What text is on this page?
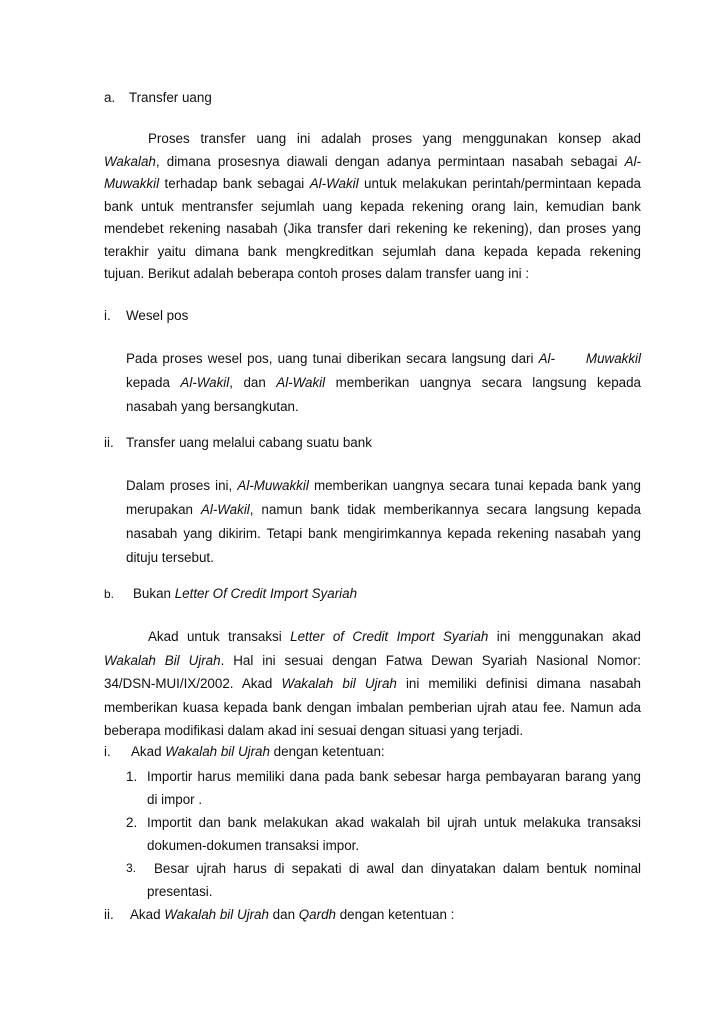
a. Transfer uang
Proses transfer uang ini adalah proses yang menggunakan konsep akad
Wakalah, dimana prosesnya diawali dengan adanya permintaan nasabah sebagai Al-
Muwakkil terhadap bank sebagai Al-Wakil untuk melakukan perintah/permintaan kepada
bank untuk mentransfer sejumlah uang kepada rekening orang lain, kemudian bank
mendebet rekening nasabah (Jika transfer dari rekening ke rekening), dan proses yang
terakhir yaitu dimana bank mengkreditkan sejumlah dana kepada kepada rekening
tujuan. Berikut adalah beberapa contoh proses dalam transfer uang ini :
i. Wesel pos
Pada proses wesel pos, uang tunai diberikan secara langsung dari Al- Muwakkil
kepada Al-Wakil, dan Al-Wakil memberikan uangnya secara langsung kepada
nasabah yang bersangkutan.
ii. Transfer uang melalui cabang suatu bank
Dalam proses ini, Al-Muwakkil memberikan uangnya secara tunai kepada bank yang
merupakan Al-Wakil, namun bank tidak memberikannya secara langsung kepada
nasabah yang dikirim. Tetapi bank mengirimkannya kepada rekening nasabah yang
dituju tersebut.
b. Bukan Letter Of Credit Import Syariah
Akad untuk transaksi Letter of Credit Import Syariah ini menggunakan akad
Wakalah Bil Ujrah. Hal ini sesuai dengan Fatwa Dewan Syariah Nasional Nomor:
34/DSN-MUI/IX/2002. Akad Wakalah bil Ujrah ini memiliki definisi dimana nasabah
memberikan kuasa kepada bank dengan imbalan pemberian ujrah atau fee. Namun ada
beberapa modifikasi dalam akad ini sesuai dengan situasi yang terjadi.
i. Akad Wakalah bil Ujrah dengan ketentuan:
1. Importir harus memiliki dana pada bank sebesar harga pembayaran barang yang
di impor .
2. Importit dan bank melakukan akad wakalah bil ujrah untuk melakuka transaksi
dokumen-dokumen transaksi impor.
3.	Besar ujrah harus di sepakati di awal dan dinyatakan dalam bentuk nominal
presentasi.
ii. Akad Wakalah bil Ujrah dan Qardh dengan ketentuan :
